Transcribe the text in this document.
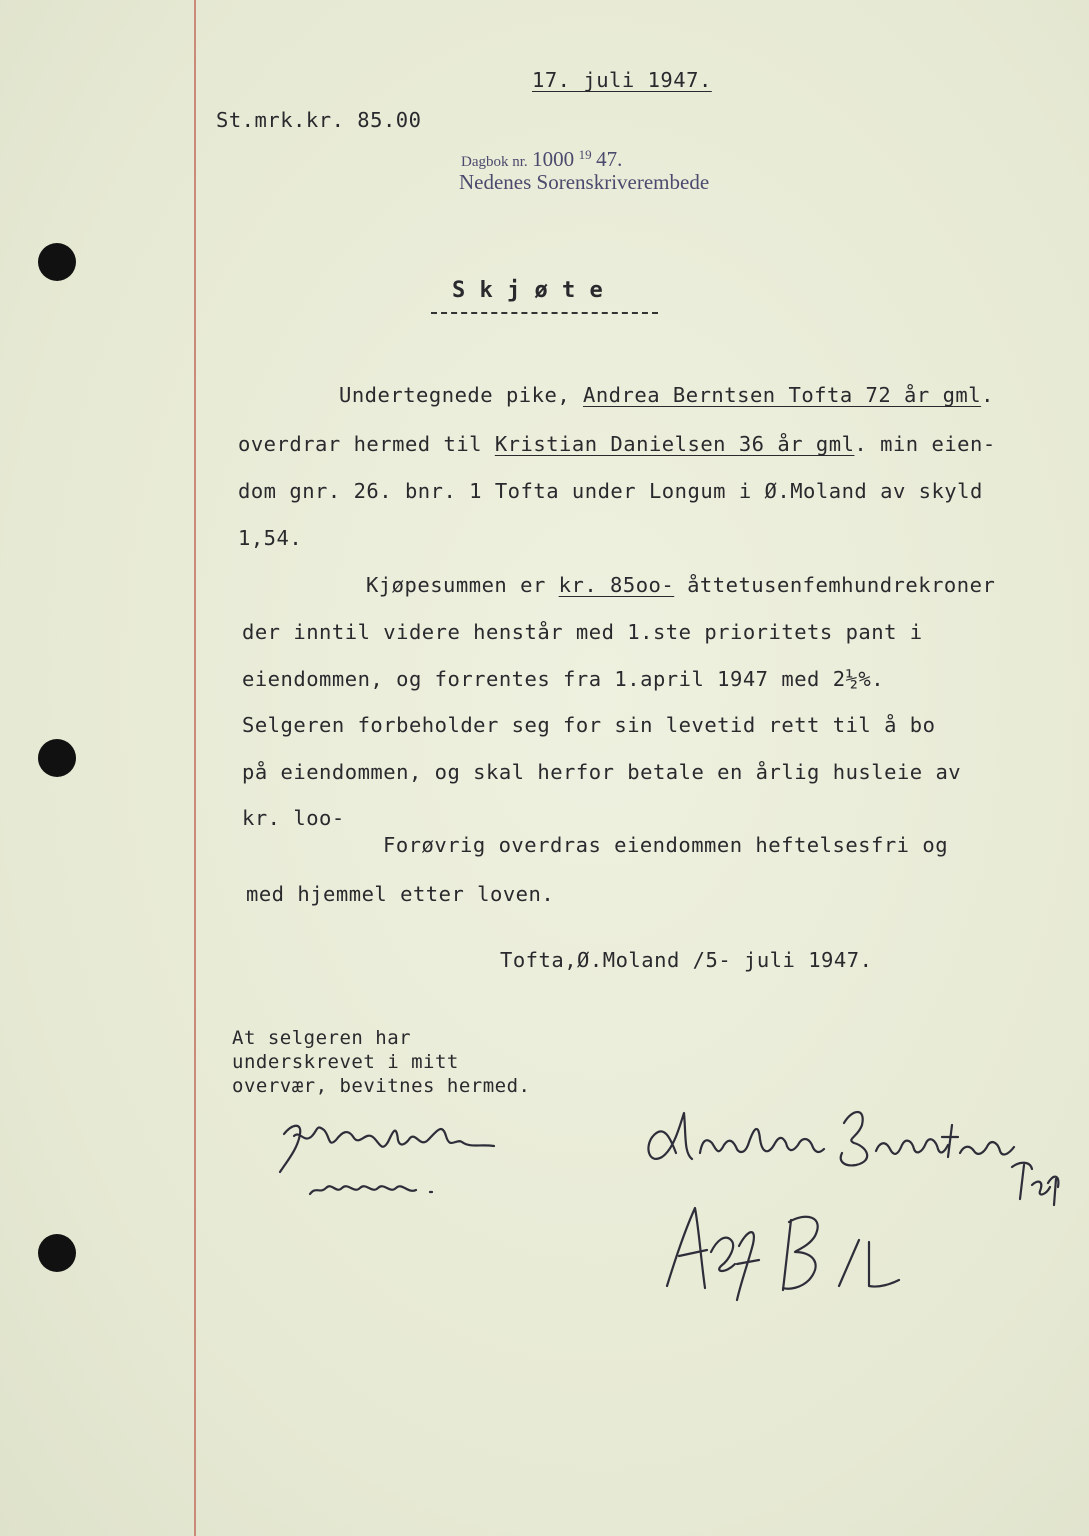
17. juli 1947.
St.mrk.kr. 85.00
Dagbok nr. 1000 $^{19}$ 47.
Nedenes Sorenskriverembede
S k j ø t e
Undertegnede pike, Andrea Berntsen Tofta 72 år gml.
overdrar hermed til Kristian Danielsen 36 år gml. min eien-
dom gnr. 26. bnr. 1 Tofta under Longum i Ø.Moland av skyld
1,54.
Kjøpesummen er kr. 85oo- åttetusenfemhundrekroner
der inntil videre henstår med 1.ste prioritets pant i
eiendommen, og forrentes fra 1.april 1947 med 2½%.
Selgeren forbeholder seg for sin levetid rett til å bo
på eiendommen, og skal herfor betale en årlig husleie av
kr. loo-
Forøvrig overdras eiendommen heftelsesfri og
med hjemmel etter loven.
Tofta,Ø.Moland /5- juli 1947.
At selgeren har
underskrevet i mitt
overvær, bevitnes hermed.
